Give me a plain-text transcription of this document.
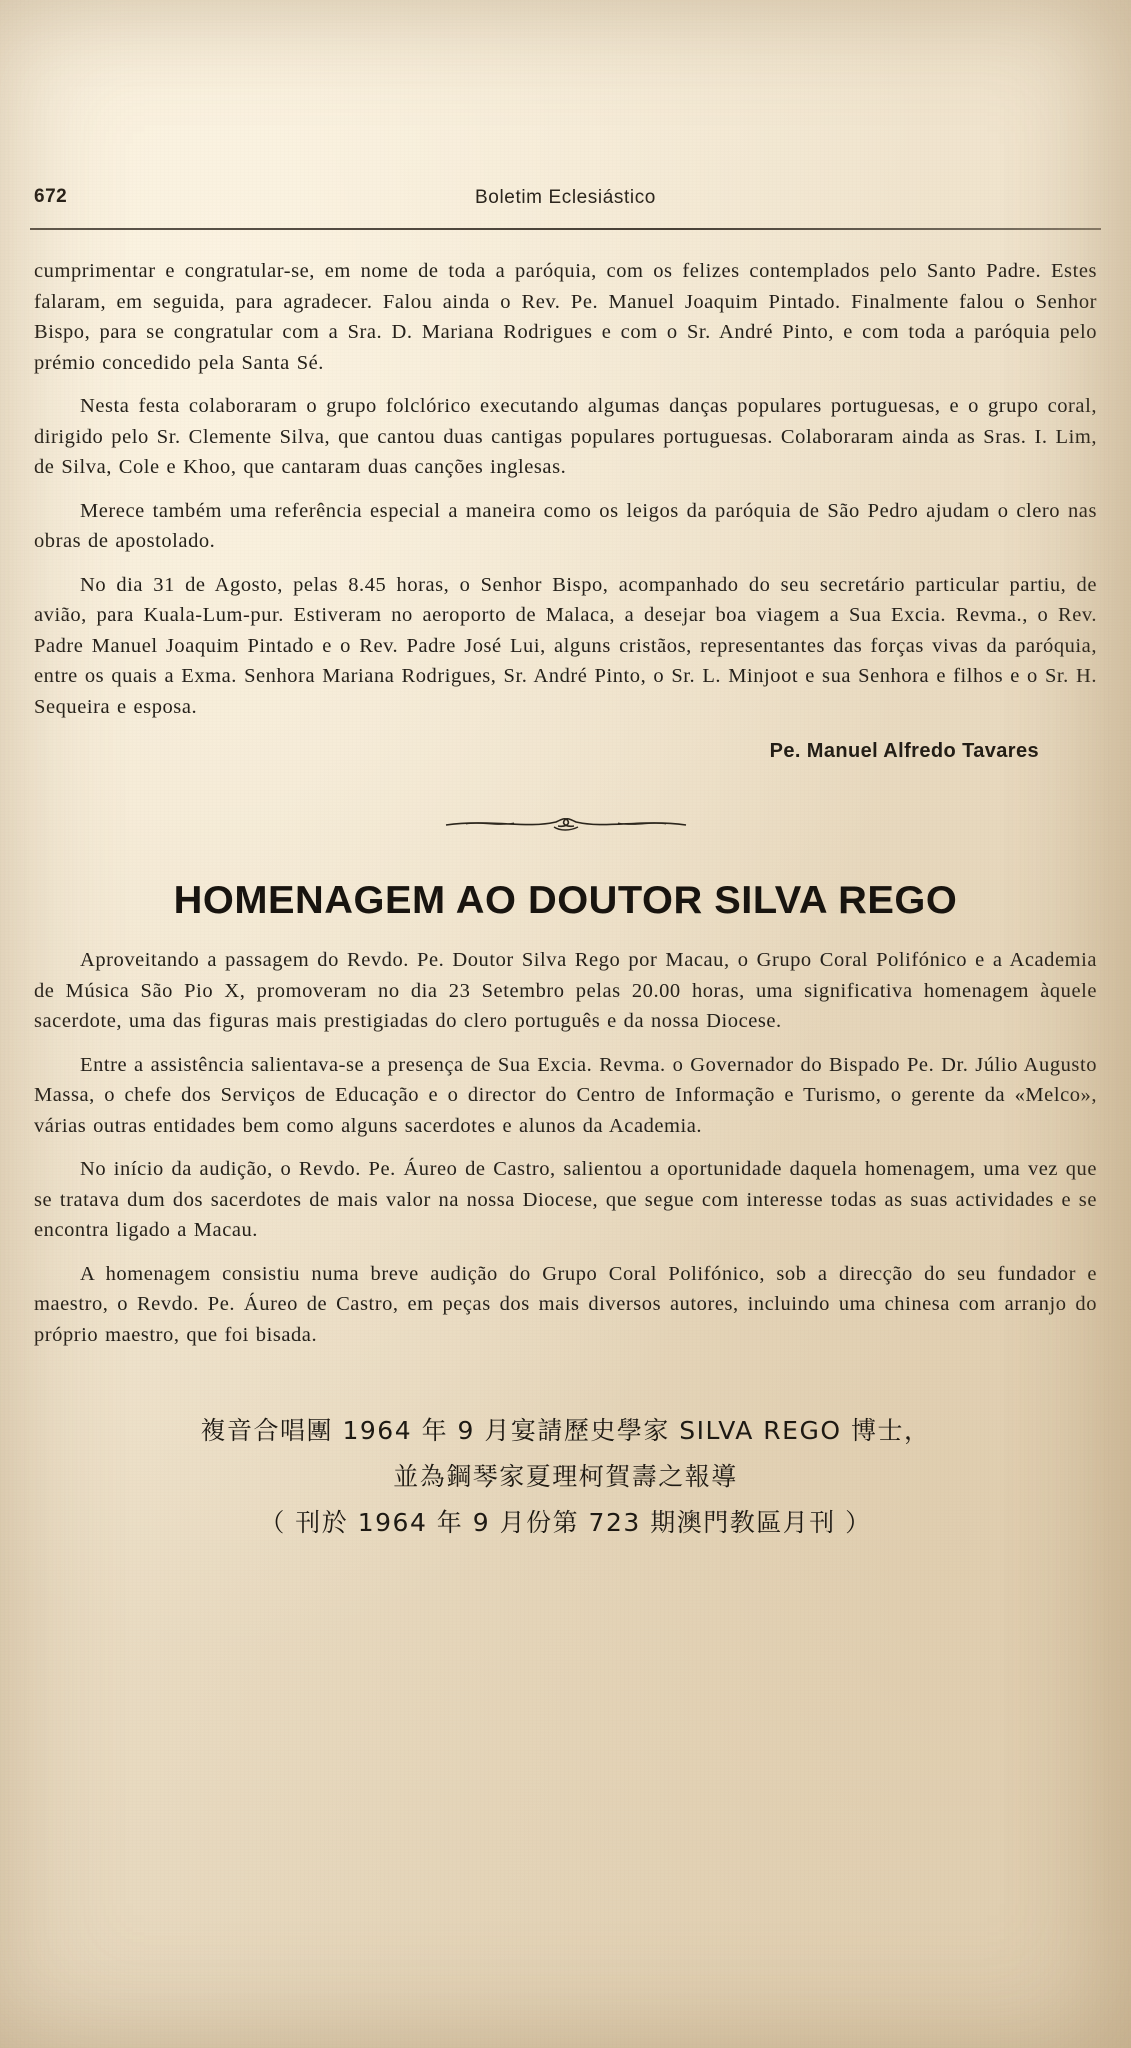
672	Boletim Eclesiástico

cumprimentar e congratular-se, em nome de toda a paróquia, com os felizes contemplados pelo Santo Padre. Estes falaram, em seguida, para agradecer. Falou ainda o Rev. Pe. Manuel Joaquim Pintado. Finalmente falou o Senhor Bispo, para se congratular com a Sra. D. Mariana Rodrigues e com o Sr. André Pinto, e com toda a paróquia pelo prémio concedido pela Santa Sé.

Nesta festa colaboraram o grupo folclórico executando algumas danças populares portuguesas, e o grupo coral, dirigido pelo Sr. Clemente Silva, que cantou duas cantigas populares portuguesas. Colaboraram ainda as Sras. I. Lim, de Silva, Cole e Khoo, que cantaram duas canções inglesas.

Merece também uma referência especial a maneira como os leigos da paróquia de São Pedro ajudam o clero nas obras de apostolado.

No dia 31 de Agosto, pelas 8.45 horas, o Senhor Bispo, acompanhado do seu secretário particular partiu, de avião, para Kuala-Lum-pur. Estiveram no aeroporto de Malaca, a desejar boa viagem a Sua Excia. Revma., o Rev. Padre Manuel Joaquim Pintado e o Rev. Padre José Lui, alguns cristãos, representantes das forças vivas da paróquia, entre os quais a Exma. Senhora Mariana Rodrigues, Sr. André Pinto, o Sr. L. Minjoot e sua Senhora e filhos e o Sr. H. Sequeira e esposa.

Pe. Manuel Alfredo Tavares
HOMENAGEM AO DOUTOR SILVA REGO

Aproveitando a passagem do Revdo. Pe. Doutor Silva Rego por Macau, o Grupo Coral Polifónico e a Academia de Música São Pio X, promoveram no dia 23 Setembro pelas 20.00 horas, uma significativa homenagem àquele sacerdote, uma das figuras mais prestigiadas do clero português e da nossa Diocese.

Entre a assistência salientava-se a presença de Sua Excia. Revma. o Governador do Bispado Pe. Dr. Júlio Augusto Massa, o chefe dos Serviços de Educação e o director do Centro de Informação e Turismo, o gerente da «Melco», várias outras entidades bem como alguns sacerdotes e alunos da Academia.

No início da audição, o Revdo. Pe. Áureo de Castro, salientou a oportunidade daquela homenagem, uma vez que se tratava dum dos sacerdotes de mais valor na nossa Diocese, que segue com interesse todas as suas actividades e se encontra ligado a Macau.

A homenagem consistiu numa breve audição do Grupo Coral Polifónico, sob a direcção do seu fundador e maestro, o Revdo. Pe. Áureo de Castro, em peças dos mais diversos autores, incluindo uma chinesa com arranjo do próprio maestro, que foi bisada.

複音合唱團 1964 年 9 月宴請歷史學家 SILVA REGO 博士，
並為鋼琴家夏理柯賀壽之報導
（ 刊於 1964 年 9 月份第 723 期澳門教區月刊 ）
